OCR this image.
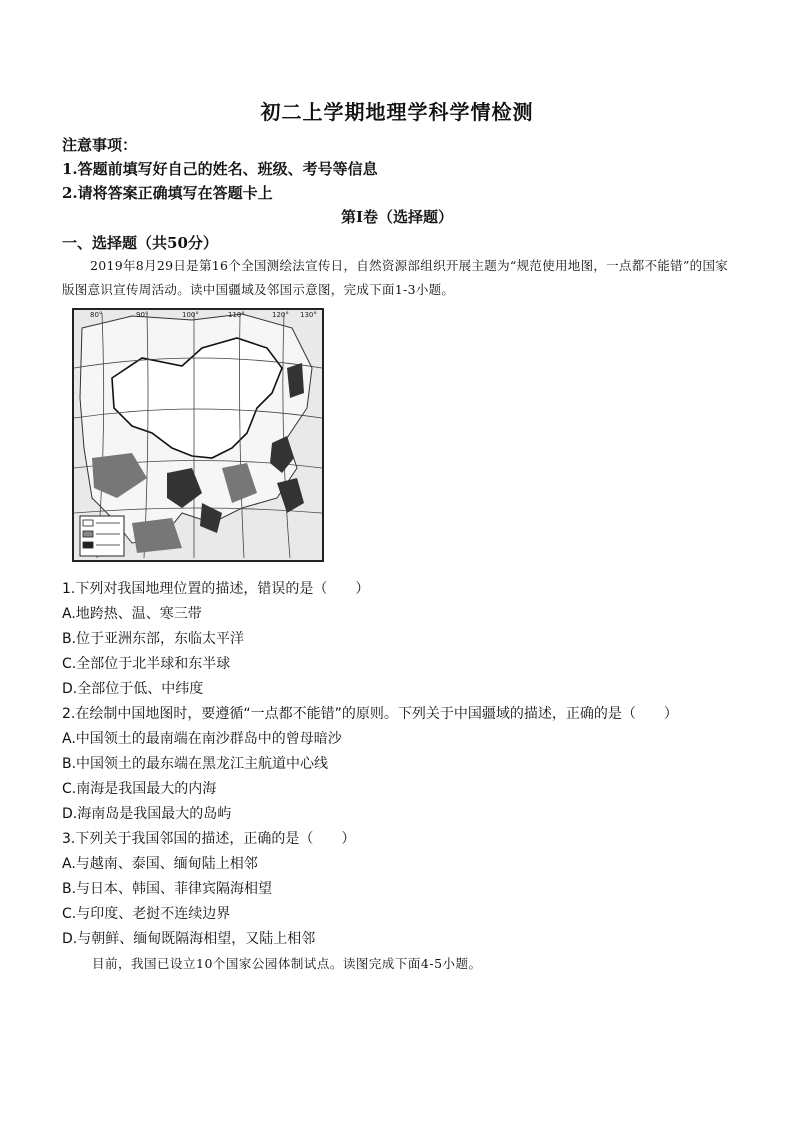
初二上学期地理学科学情检测
注意事项：
1.答题前填写好自己的姓名、班级、考号等信息
2.请将答案正确填写在答题卡上
第Ⅰ卷（选择题）
一、选择题（共50分）
2019年8月29日是第16个全国测绘法宣传日，自然资源部组织开展主题为“规范使用地图，一点都不能错”的国家版图意识宣传周活动。读中国疆域及邻国示意图，完成下面1-3小题。
80°	90°	100°	110°	120° 130°
1.下列对我国地理位置的描述，错误的是（　　）
A.地跨热、温、寒三带
B.位于亚洲东部，东临太平洋
C.全部位于北半球和东半球
D.全部位于低、中纬度
2.在绘制中国地图时，要遵循“一点都不能错”的原则。下列关于中国疆域的描述，正确的是（　　）
A.中国领土的最南端在南沙群岛中的曾母暗沙
B.中国领土的最东端在黑龙江主航道中心线
C.南海是我国最大的内海
D.海南岛是我国最大的岛屿
3.下列关于我国邻国的描述，正确的是（　　）
A.与越南、泰国、缅甸陆上相邻
B.与日本、韩国、菲律宾隔海相望
C.与印度、老挝不连续边界
D.与朝鲜、缅甸既隔海相望，又陆上相邻
目前，我国已设立10个国家公园体制试点。读图完成下面4-5小题。
